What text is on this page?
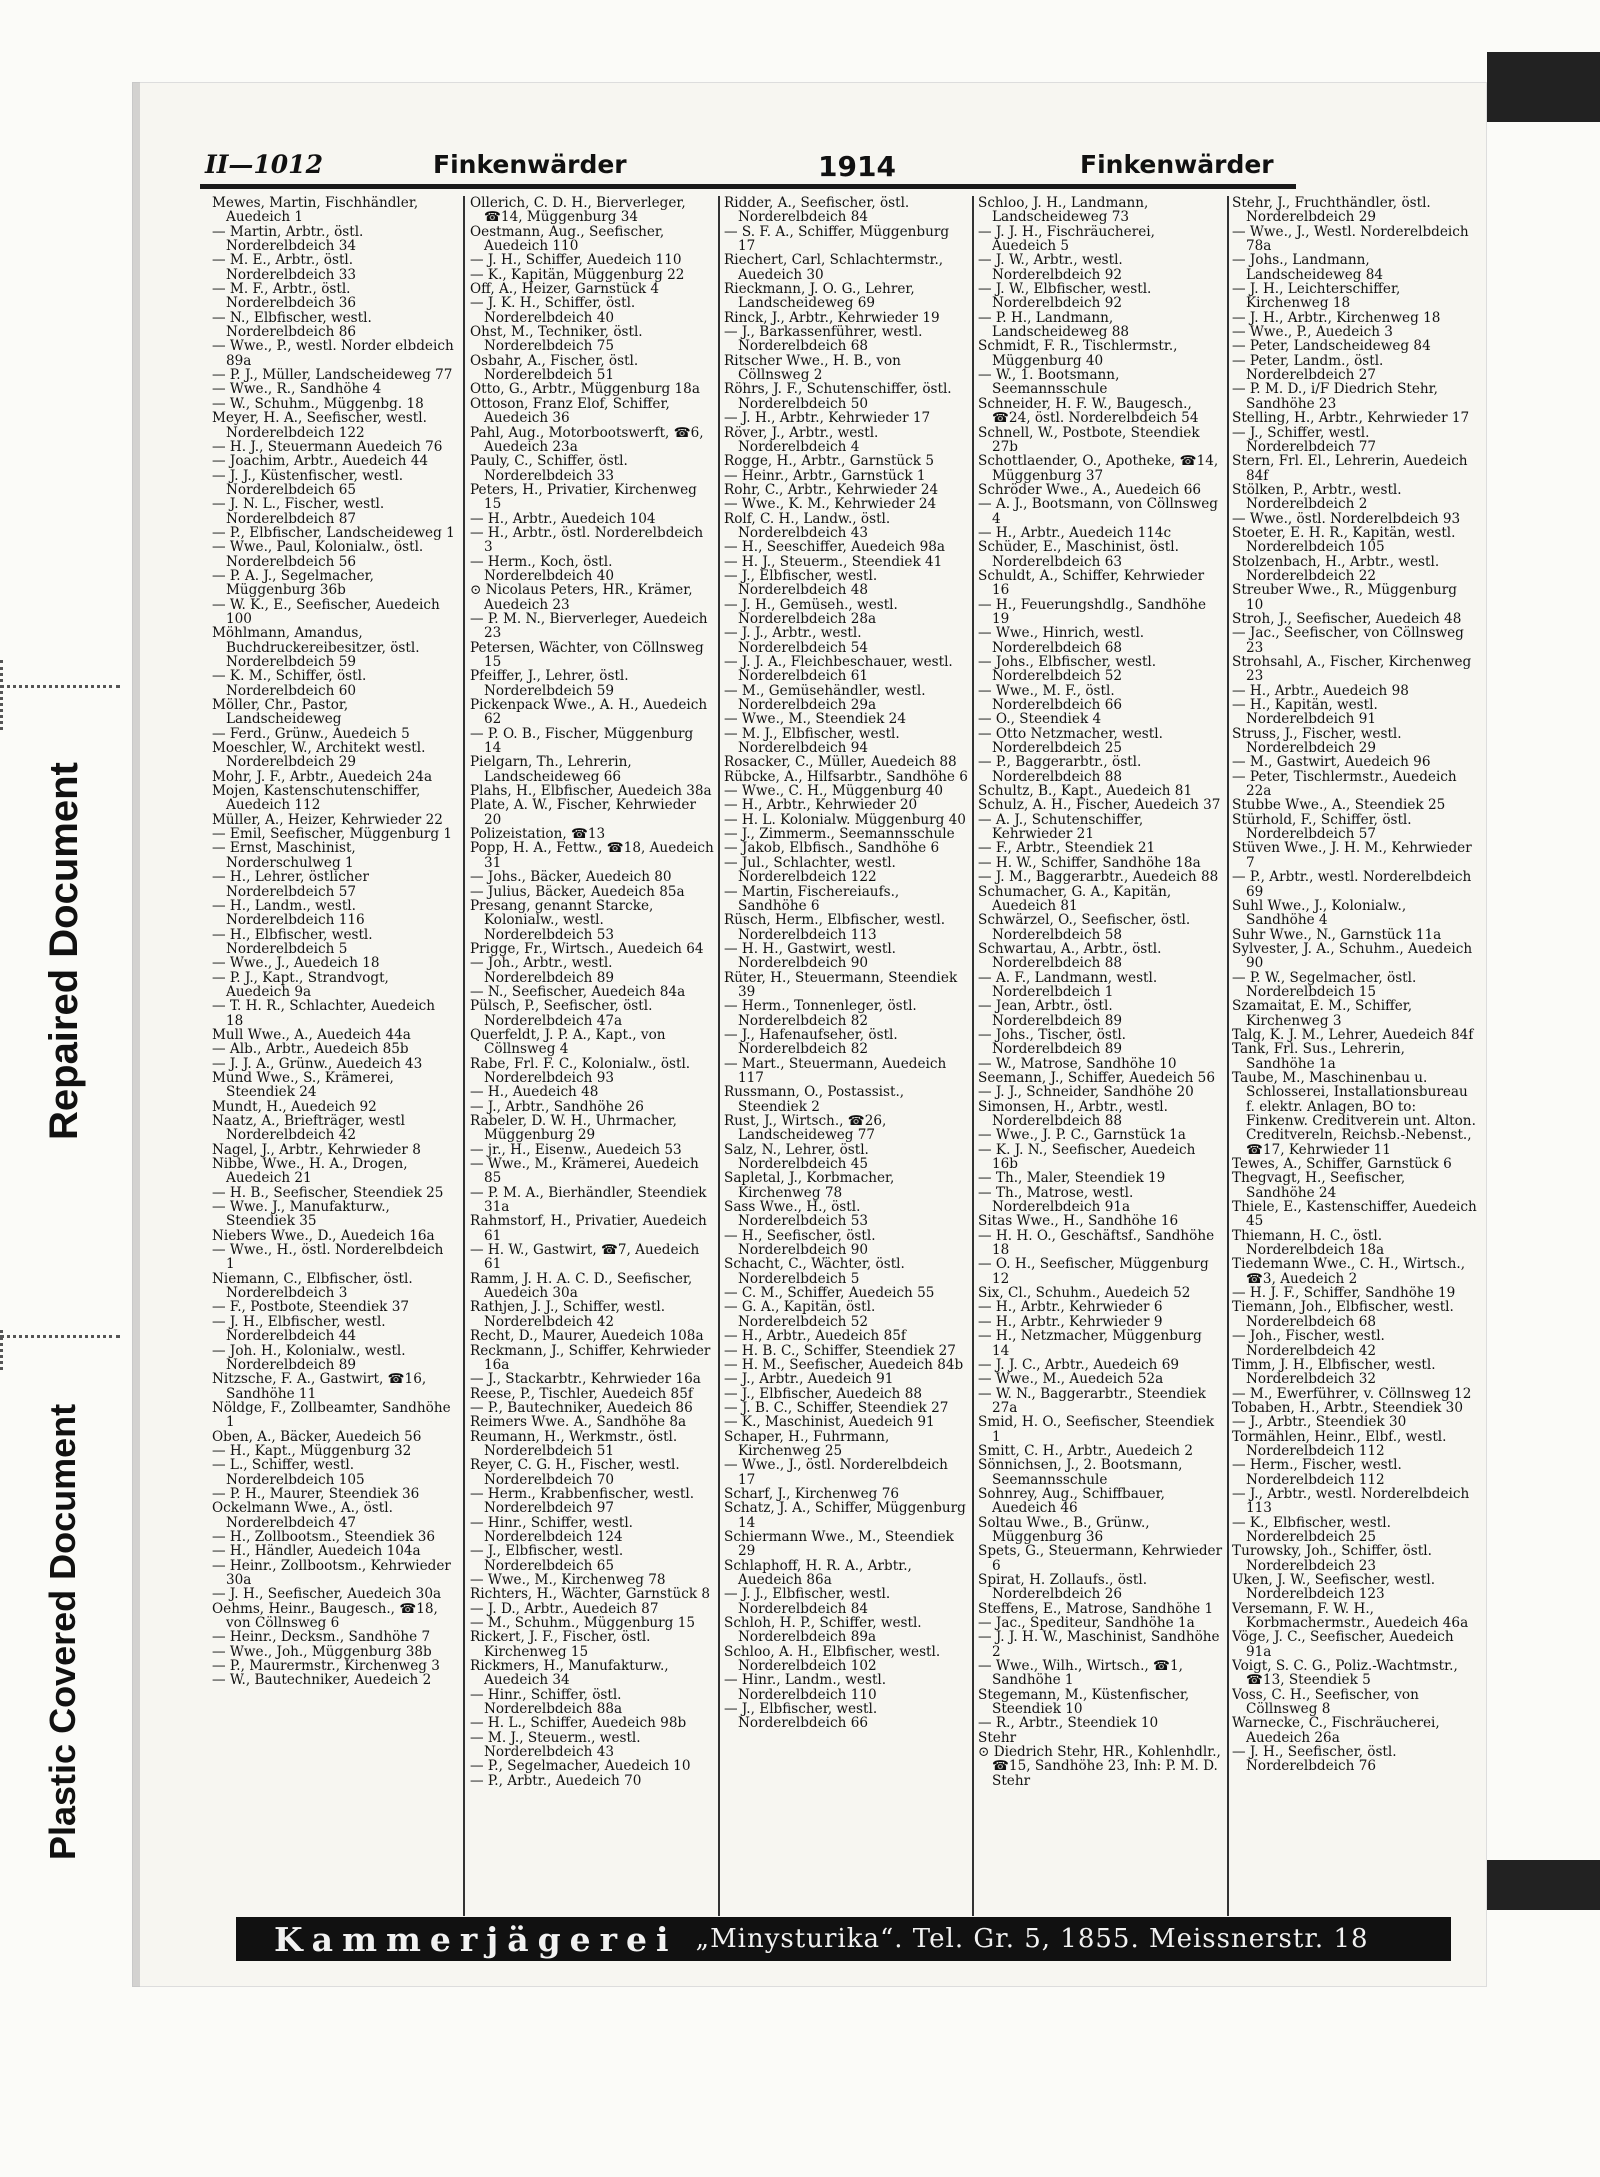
Repaired Document
Plastic Covered Document
II—1012	Finkenwärder	1914	Finkenwärder
Mewes, Martin, Fischhändler, Auedeich 1
— Martin, Arbtr., östl. Norderelbdeich 34
— M. E., Arbtr., östl. Norderelbdeich 33
— M. F., Arbtr., östl. Norderelbdeich 36
— N., Elbfischer, westl. Norderelbdeich 86
— Wwe., P., westl. Norder elbdeich 89a
— P. J., Müller, Landscheideweg 77
— Wwe., R., Sandhöhe 4
— W., Schuhm., Müggenbg. 18
Meyer, H. A., Seefischer, westl. Norderelbdeich 122
— H. J., Steuermann Auedeich 76
— Joachim, Arbtr., Auedeich 44
— J. J., Küstenfischer, westl. Norderelbdeich 65
— J. N. L., Fischer, westl. Norderelbdeich 87
— P., Elbfischer, Landscheideweg 1
— Wwe., Paul, Kolonialw., östl. Norderelbdeich 56
— P. A. J., Segelmacher, Müggenburg 36b
— W. K., E., Seefischer, Auedeich 100
Möhlmann, Amandus, Buchdruckereibesitzer, östl. Norderelbdeich 59
— K. M., Schiffer, östl. Norderelbdeich 60
Möller, Chr., Pastor, Landscheideweg
— Ferd., Grünw., Auedeich 5
Moeschler, W., Architekt westl. Norderelbdeich 29
Mohr, J. F., Arbtr., Auedeich 24a
Mojen, Kastenschutenschiffer, Auedeich 112
Müller, A., Heizer, Kehrwieder 22
— Emil, Seefischer, Müggenburg 1
— Ernst, Maschinist, Norderschulweg 1
— H., Lehrer, östlicher Norderelbdeich 57
— H., Landm., westl. Norderelbdeich 116
— H., Elbfischer, westl. Norderelbdeich 5
— Wwe., J., Auedeich 18
— P. J., Kapt., Strandvogt, Auedeich 9a
— T. H. R., Schlachter, Auedeich 18
Mull Wwe., A., Auedeich 44a
— Alb., Arbtr., Auedeich 85b
— J. J. A., Grünw., Auedeich 43
Mund Wwe., S., Krämerei, Steendiek 24
Mundt, H., Auedeich 92
Naatz, A., Briefträger, westl Norderelbdeich 42
Nagel, J., Arbtr., Kehrwieder 8
Nibbe, Wwe., H. A., Drogen, Auedeich 21
— H. B., Seefischer, Steendiek 25
— Wwe. J., Manufakturw., Steendiek 35
Niebers Wwe., D., Auedeich 16a
— Wwe., H., östl. Norderelbdeich 1
Niemann, C., Elbfischer, östl. Norderelbdeich 3
— F., Postbote, Steendiek 37
— J. H., Elbfischer, westl. Norderelbdeich 44
— Joh. H., Kolonialw., westl. Norderelbdeich 89
Nitzsche, F. A., Gastwirt, ☎16, Sandhöhe 11
Nöldge, F., Zollbeamter, Sandhöhe 1
Oben, A., Bäcker, Auedeich 56
— H., Kapt., Müggenburg 32
— L., Schiffer, westl. Norderelbdeich 105
— P. H., Maurer, Steendiek 36
Ockelmann Wwe., A., östl. Norderelbdeich 47
— H., Zollbootsm., Steendiek 36
— H., Händler, Auedeich 104a
— Heinr., Zollbootsm., Kehrwieder 30a
— J. H., Seefischer, Auedeich 30a
Oehms, Heinr., Baugesch., ☎18, von Cöllnsweg 6
— Heinr., Decksm., Sandhöhe 7
— Wwe., Joh., Müggenburg 38b
— P., Maurermstr., Kirchenweg 3
— W., Bautechniker, Auedeich 2
Öllerich, C. D. H., Bierverleger, ☎14, Müggenburg 34
Oestmann, Aug., Seefischer, Auedeich 110
— J. H., Schiffer, Auedeich 110
— K., Kapitän, Müggenburg 22
Off, A., Heizer, Garnstück 4
— J. K. H., Schiffer, östl. Norderelbdeich 40
Ohst, M., Techniker, östl. Norderelbdeich 75
Osbahr, A., Fischer, östl. Norderelbdeich 51
Otto, G., Arbtr., Müggenburg 18a
Ottoson, Franz Elof, Schiffer, Auedeich 36
Pahl, Aug., Motorbootswerft, ☎6, Auedeich 23a
Pauly, C., Schiffer, östl. Norderelbdeich 33
Peters, H., Privatier, Kirchenweg 15
— H., Arbtr., Auedeich 104
— H., Arbtr., östl. Norderelbdeich 3
— Herm., Koch, östl. Norderelbdeich 40
⊙ Nicolaus Peters, HR., Krämer, Auedeich 23
— P. M. N., Bierverleger, Auedeich 23
Petersen, Wächter, von Cöllnsweg 15
Pfeiffer, J., Lehrer, östl. Norderelbdeich 59
Pickenpack Wwe., A. H., Auedeich 62
— P. O. B., Fischer, Müggenburg 14
Pielgarn, Th., Lehrerin, Landscheideweg 66
Plahs, H., Elbfischer, Auedeich 38a
Plate, A. W., Fischer, Kehrwieder 20
Polizeistation, ☎13
Popp, H. A., Fettw., ☎18, Auedeich 31
— Johs., Bäcker, Auedeich 80
— Julius, Bäcker, Auedeich 85a
Presang, genannt Starcke, Kolonialw., westl. Norderelbdeich 53
Prigge, Fr., Wirtsch., Auedeich 64
— Joh., Arbtr., westl. Norderelbdeich 89
— N., Seefischer, Auedeich 84a
Pülsch, P., Seefischer, östl. Norderelbdeich 47a
Querfeldt, J. P. A., Kapt., von Cöllnsweg 4
Rabe, Frl. F. C., Kolonialw., östl. Norderelbdeich 93
— H., Auedeich 48
— J., Arbtr., Sandhöhe 26
Rabeler, D. W. H., Uhrmacher, Müggenburg 29
— jr., H., Eisenw., Auedeich 53
— Wwe., M., Krämerei, Auedeich 85
— P. M. A., Bierhändler, Steendiek 31a
Rahmstorf, H., Privatier, Auedeich 61
— H. W., Gastwirt, ☎7, Auedeich 61
Ramm, J. H. A. C. D., Seefischer, Auedeich 30a
Rathjen, J. J., Schiffer, westl. Norderelbdeich 42
Recht, D., Maurer, Auedeich 108a
Reckmann, J., Schiffer, Kehrwieder 16a
— J., Stackarbtr., Kehrwieder 16a
Reese, P., Tischler, Auedeich 85f
— P., Bautechniker, Auedeich 86
Reimers Wwe. A., Sandhöhe 8a
Reumann, H., Werkmstr., östl. Norderelbdeich 51
Reyer, C. G. H., Fischer, westl. Norderelbdeich 70
— Herm., Krabbenfischer, westl. Norderelbdeich 97
— Hinr., Schiffer, westl. Norderelbdeich 124
— J., Elbfischer, westl. Norderelbdeich 65
— Wwe., M., Kirchenweg 78
Richters, H., Wächter, Garnstück 8
— J. D., Arbtr., Auedeich 87
— M., Schuhm., Müggenburg 15
Rickert, J. F., Fischer, östl. Kirchenweg 15
Rickmers, H., Manufakturw., Auedeich 34
— Hinr., Schiffer, östl. Norderelbdeich 88a
— H. L., Schiffer, Auedeich 98b
— M. J., Steuerm., westl. Norderelbdeich 43
— P., Segelmacher, Auedeich 10
— P., Arbtr., Auedeich 70
Ridder, A., Seefischer, östl. Norderelbdeich 84
— S. F. A., Schiffer, Müggenburg 17
Riechert, Carl, Schlachtermstr., Auedeich 30
Rieckmann, J. O. G., Lehrer, Landscheideweg 69
Rinck, J., Arbtr., Kehrwieder 19
— J., Barkassenführer, westl. Norderelbdeich 68
Ritscher Wwe., H. B., von Cöllnsweg 2
Röhrs, J. F., Schutenschiffer, östl. Norderelbdeich 50
— J. H., Arbtr., Kehrwieder 17
Röver, J., Arbtr., westl. Norderelbdeich 4
Rogge, H., Arbtr., Garnstück 5
— Heinr., Arbtr., Garnstück 1
Rohr, C., Arbtr., Kehrwieder 24
— Wwe., K. M., Kehrwieder 24
Rolf, C. H., Landw., östl. Norderelbdeich 43
— H., Seeschiffer, Auedeich 98a
— H. J., Steuerm., Steendiek 41
— J., Elbfischer, westl. Norderelbdeich 48
— J. H., Gemüseh., westl. Norderelbdeich 28a
— J. J., Arbtr., westl. Norderelbdeich 54
— J. J. A., Fleichbeschauer, westl. Norderelbdeich 61
— M., Gemüsehändler, westl. Norderelbdeich 29a
— Wwe., M., Steendiek 24
— M. J., Elbfischer, westl. Norderelbdeich 94
Rosacker, C., Müller, Auedeich 88
Rübcke, A., Hilfsarbtr., Sandhöhe 6
— Wwe., C. H., Müggenburg 40
— H., Arbtr., Kehrwieder 20
— H. L. Kolonialw. Müggenburg 40
— J., Zimmerm., Seemannsschule
— Jakob, Elbfisch., Sandhöhe 6
— Jul., Schlachter, westl. Norderelbdeich 122
— Martin, Fischereiaufs., Sandhöhe 6
Rüsch, Herm., Elbfischer, westl. Norderelbdeich 113
— H. H., Gastwirt, westl. Norderelbdeich 90
Rüter, H., Steuermann, Steendiek 39
— Herm., Tonnenleger, östl. Norderelbdeich 82
— J., Hafenaufseher, östl. Norderelbdeich 82
— Mart., Steuermann, Auedeich 117
Russmann, O., Postassist., Steendiek 2
Rust, J., Wirtsch., ☎26, Landscheideweg 77
Salz, N., Lehrer, östl. Norderelbdeich 45
Sapletal, J., Korbmacher, Kirchenweg 78
Sass Wwe., H., östl. Norderelbdeich 53
— H., Seefischer, östl. Norderelbdeich 90
Schacht, C., Wächter, östl. Norderelbdeich 5
— C. M., Schiffer, Auedeich 55
— G. A., Kapitän, östl. Norderelbdeich 52
— H., Arbtr., Auedeich 85f
— H. B. C., Schiffer, Steendiek 27
— H. M., Seefischer, Auedeich 84b
— J., Arbtr., Auedeich 91
— J., Elbfischer, Auedeich 88
— J. B. C., Schiffer, Steendiek 27
— K., Maschinist, Auedeich 91
Schaper, H., Fuhrmann, Kirchenweg 25
— Wwe., J., östl. Norderelbdeich 17
Scharf, J., Kirchenweg 76
Schatz, J. A., Schiffer, Müggenburg 14
Schiermann Wwe., M., Steendiek 29
Schlaphoff, H. R. A., Arbtr., Auedeich 86a
— J. J., Elbfischer, westl. Norderelbdeich 84
Schloh, H. P., Schiffer, westl. Norderelbdeich 89a
Schloo, A. H., Elbfischer, westl. Norderelbdeich 102
— Hinr., Landm., westl. Norderelbdeich 110
— J., Elbfischer, westl. Norderelbdeich 66
Schloo, J. H., Landmann, Landscheideweg 73
— J. J. H., Fischräucherei, Auedeich 5
— J. W., Arbtr., westl. Norderelbdeich 92
— J. W., Elbfischer, westl. Norderelbdeich 92
— P. H., Landmann, Landscheideweg 88
Schmidt, F. R., Tischlermstr., Müggenburg 40
— W., 1. Bootsmann, Seemannsschule
Schneider, H. F. W., Baugesch., ☎24, östl. Norderelbdeich 54
Schnell, W., Postbote, Steendiek 27b
Schottlaender, O., Apotheke, ☎14, Müggenburg 37
Schröder Wwe., A., Auedeich 66
— A. J., Bootsmann, von Cöllnsweg 4
— H., Arbtr., Auedeich 114c
Schüder, E., Maschinist, östl. Norderelbdeich 63
Schuldt, A., Schiffer, Kehrwieder 16
— H., Feuerungshdlg., Sandhöhe 19
— Wwe., Hinrich, westl. Norderelbdeich 68
— Johs., Elbfischer, westl. Norderelbdeich 52
— Wwe., M. F., östl. Norderelbdeich 66
— O., Steendiek 4
— Otto Netzmacher, westl. Norderelbdeich 25
— P., Baggerarbtr., östl. Norderelbdeich 88
Schultz, B., Kapt., Auedeich 81
Schulz, A. H., Fischer, Auedeich 37
— A. J., Schutenschiffer, Kehrwieder 21
— F., Arbtr., Steendiek 21
— H. W., Schiffer, Sandhöhe 18a
— J. M., Baggerarbtr., Auedeich 88
Schumacher, G. A., Kapitän, Auedeich 81
Schwärzel, O., Seefischer, östl. Norderelbdeich 58
Schwartau, A., Arbtr., östl. Norderelbdeich 88
— A. F., Landmann, westl. Norderelbdeich 1
— Jean, Arbtr., östl. Norderelbdeich 89
— Johs., Tischer, östl. Norderelbdeich 89
— W., Matrose, Sandhöhe 10
Seemann, J., Schiffer, Auedeich 56
— J. J., Schneider, Sandhöhe 20
Simonsen, H., Arbtr., westl. Norderelbdeich 88
— Wwe., J. P. C., Garnstück 1a
— K. J. N., Seefischer, Auedeich 16b
— Th., Maler, Steendiek 19
— Th., Matrose, westl. Norderelbdeich 91a
Sitas Wwe., H., Sandhöhe 16
— H. H. O., Geschäftsf., Sandhöhe 18
— O. H., Seefischer, Müggenburg 12
Six, Cl., Schuhm., Auedeich 52
— H., Arbtr., Kehrwieder 6
— H., Arbtr., Kehrwieder 9
— H., Netzmacher, Müggenburg 14
— J. J. C., Arbtr., Auedeich 69
— Wwe., M., Auedeich 52a
— W. N., Baggerarbtr., Steendiek 27a
Smid, H. O., Seefischer, Steendiek 1
Smitt, C. H., Arbtr., Auedeich 2
Sönnichsen, J., 2. Bootsmann, Seemannsschule
Sohnrey, Aug., Schiffbauer, Auedeich 46
Soltau Wwe., B., Grünw., Müggenburg 36
Spets, G., Steuermann, Kehrwieder 6
Spirat, H. Zollaufs., östl. Norderelbdeich 26
Steffens, E., Matrose, Sandhöhe 1
— Jac., Spediteur, Sandhöhe 1a
— J. J. H. W., Maschinist, Sandhöhe 2
— Wwe., Wilh., Wirtsch., ☎1, Sandhöhe 1
Stegemann, M., Küstenfischer, Steendiek 10
— R., Arbtr., Steendiek 10
Stehr
⊙ Diedrich Stehr, HR., Kohlenhdlr., ☎15, Sandhöhe 23, Inh: P. M. D. Stehr
Stehr, J., Fruchthändler, östl. Norderelbdeich 29
— Wwe., J., Westl. Norderelbdeich 78a
— Johs., Landmann, Landscheideweg 84
— J. H., Leichterschiffer, Kirchenweg 18
— J. H., Arbtr., Kirchenweg 18
— Wwe., P., Auedeich 3
— Peter, Landscheideweg 84
— Peter, Landm., östl. Norderelbdeich 27
— P. M. D., i/F Diedrich Stehr, Sandhöhe 23
Stelling, H., Arbtr., Kehrwieder 17
— J., Schiffer, westl. Norderelbdeich 77
Stern, Frl. El., Lehrerin, Auedeich 84f
Stölken, P., Arbtr., westl. Norderelbdeich 2
— Wwe., östl. Norderelbdeich 93
Stoeter, E. H. R., Kapitän, westl. Norderelbdeich 105
Stolzenbach, H., Arbtr., westl. Norderelbdeich 22
Streuber Wwe., R., Müggenburg 10
Stroh, J., Seefischer, Auedeich 48
— Jac., Seefischer, von Cöllnsweg 23
Strohsahl, A., Fischer, Kirchenweg 23
— H., Arbtr., Auedeich 98
— H., Kapitän, westl. Norderelbdeich 91
Struss, J., Fischer, westl. Norderelbdeich 29
— M., Gastwirt, Auedeich 96
— Peter, Tischlermstr., Auedeich 22a
Stubbe Wwe., A., Steendiek 25
Stürhold, F., Schiffer, östl. Norderelbdeich 57
Stüven Wwe., J. H. M., Kehrwieder 7
— P., Arbtr., westl. Norderelbdeich 69
Suhl Wwe., J., Kolonialw., Sandhöhe 4
Suhr Wwe., N., Garnstück 11a
Sylvester, J. A., Schuhm., Auedeich 90
— P. W., Segelmacher, östl. Norderelbdeich 15
Szamaitat, E. M., Schiffer, Kirchenweg 3
Talg, K. J. M., Lehrer, Auedeich 84f
Tank, Frl. Sus., Lehrerin, Sandhöhe 1a
Taube, M., Maschinenbau u. Schlosserei, Installationsbureau f. elektr. Anlagen, BO to: Finkenw. Creditverein unt. Alton. Creditvereln, Reichsb.-Nebenst., ☎17, Kehrwieder 11
Tewes, A., Schiffer, Garnstück 6
Thegvagt, H., Seefischer, Sandhöhe 24
Thiele, E., Kastenschiffer, Auedeich 45
Thiemann, H. C., östl. Norderelbdeich 18a
Tiedemann Wwe., C. H., Wirtsch., ☎3, Auedeich 2
— H. J. F., Schiffer, Sandhöhe 19
Tiemann, Joh., Elbfischer, westl. Norderelbdeich 68
— Joh., Fischer, westl. Norderelbdeich 42
Timm, J. H., Elbfischer, westl. Norderelbdeich 32
— M., Ewerführer, v. Cöllnsweg 12
Tobaben, H., Arbtr., Steendiek 30
— J., Arbtr., Steendiek 30
Tormählen, Heinr., Elbf., westl. Norderelbdeich 112
— Herm., Fischer, westl. Norderelbdeich 112
— J., Arbtr., westl. Norderelbdeich 113
— K., Elbfischer, westl. Norderelbdeich 25
Turowsky, Joh., Schiffer, östl. Norderelbdeich 23
Uken, J. W., Seefischer, westl. Norderelbdeich 123
Versemann, F. W. H., Korbmachermstr., Auedeich 46a
Vöge, J. C., Seefischer, Auedeich 91a
Voigt, S. C. G., Poliz.-Wachtmstr., ☎13, Steendiek 5
Voss, C. H., Seefischer, von Cöllnsweg 8
Warnecke, C., Fischräucherei, Auedeich 26a
— J. H., Seefischer, östl. Norderelbdeich 76
Kammerjägerei „Minysturika“. Tel. Gr. 5, 1855. Meissnerstr. 18
